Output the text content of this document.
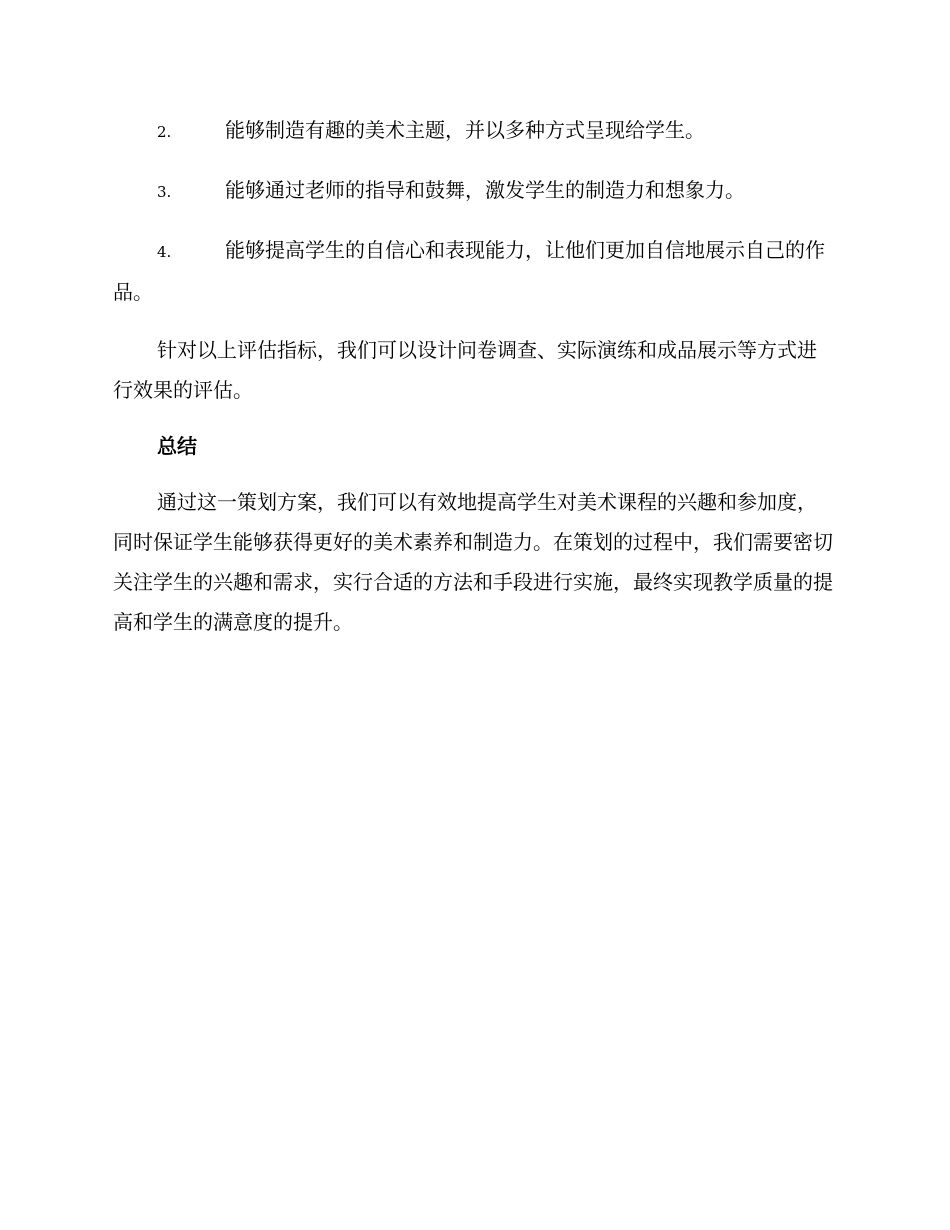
2.	能够制造有趣的美术主题，并以多种方式呈现给学生。

3.	能够通过老师的指导和鼓舞，激发学生的制造力和想象力。

4.	能够提高学生的自信心和表现能力，让他们更加自信地展示自己的作品。

针对以上评估指标，我们可以设计问卷调查、实际演练和成品展示等方式进行效果的评估。

总结

通过这一策划方案，我们可以有效地提高学生对美术课程的兴趣和参加度，同时保证学生能够获得更好的美术素养和制造力。在策划的过程中，我们需要密切关注学生的兴趣和需求，实行合适的方法和手段进行实施，最终实现教学质量的提高和学生的满意度的提升。
